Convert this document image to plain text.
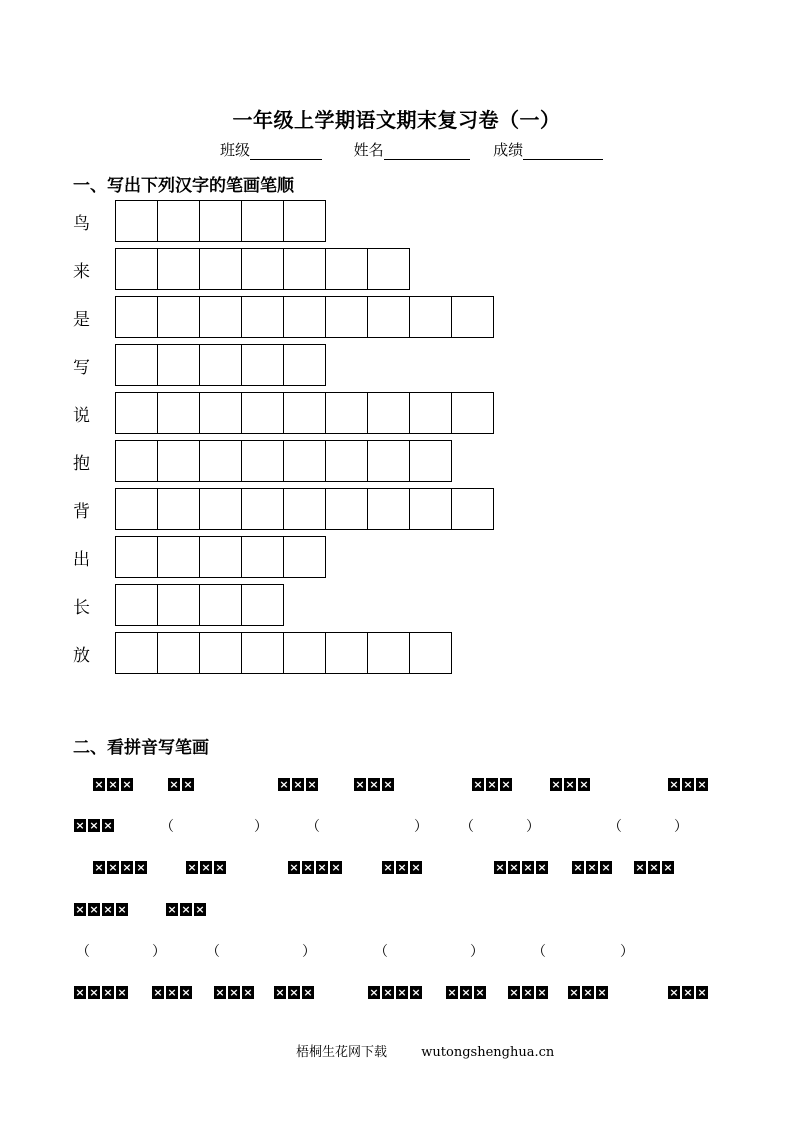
一年级上学期语文期末复习卷（一）
班级	姓名	成绩
一、写出下列汉字的笔画笔顺
鸟
来
是
写
说
抱
背
出
长
放
二、看拼音写笔画
× × ×	× ×	× × ×	× × ×	× × ×	× × ×	× × ×
× × ×	（	）	（	） （	）	（	）
× × × ×	× × ×	× × × ×	× × ×	× × × × × × × × × ×
× × × ×	× × ×
（	）	（	）	（	）	（	）
× × × × × × × × × × × × ×	× × × × × × × × × × × × ×	× × ×
梧桐生花网下载	wutongshenghua.cn
